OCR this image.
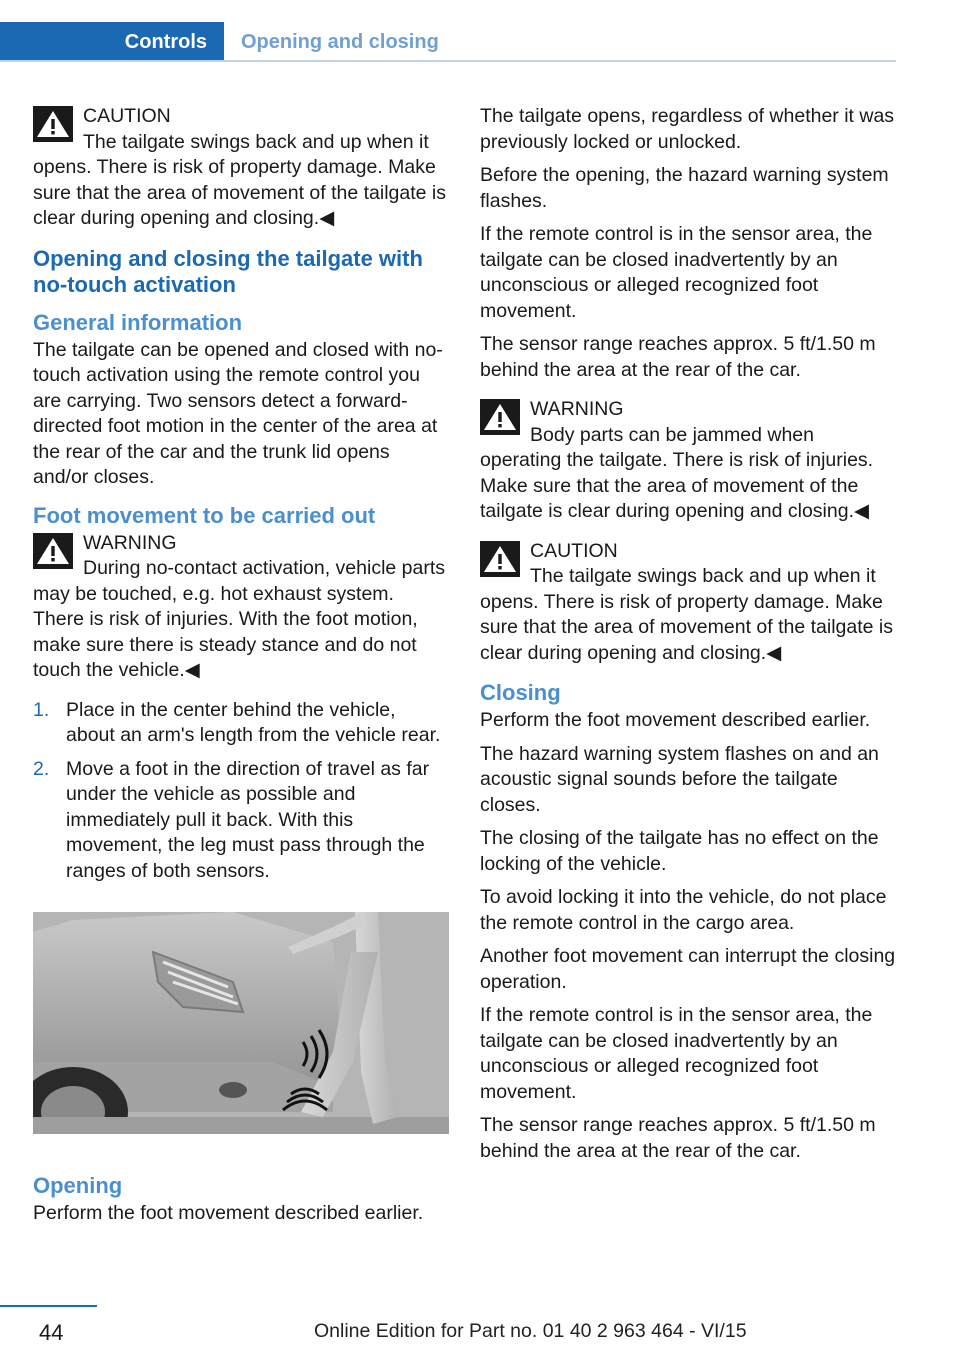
Controls	Opening and closing
CAUTION
The tailgate swings back and up when it opens. There is risk of property damage. Make sure that the area of movement of the tailgate is clear during opening and closing.◀
Opening and closing the tailgate with no-touch activation
General information

The tailgate can be opened and closed with no-touch activation using the remote control you are carrying. Two sensors detect a forward-directed foot motion in the center of the area at the rear of the car and the trunk lid opens and/or closes.

Foot movement to be carried out
WARNING
During no-contact activation, vehicle parts may be touched, e.g. hot exhaust system. There is risk of injuries. With the foot motion, make sure there is steady stance and do not touch the vehicle.◀
1. Place in the center behind the vehicle, about an arm's length from the vehicle rear.
2. Move a foot in the direction of travel as far under the vehicle as possible and immediately pull it back. With this movement, the leg must pass through the ranges of both sensors.
Opening

Perform the foot movement described earlier.

The tailgate opens, regardless of whether it was previously locked or unlocked.

Before the opening, the hazard warning system flashes.

If the remote control is in the sensor area, the tailgate can be closed inadvertently by an unconscious or alleged recognized foot movement.

The sensor range reaches approx. 5 ft/1.50 m behind the area at the rear of the car.

WARNING
Body parts can be jammed when operating the tailgate. There is risk of injuries. Make sure that the area of movement of the tailgate is clear during opening and closing.◀
CAUTION
The tailgate swings back and up when it opens. There is risk of property damage. Make sure that the area of movement of the tailgate is clear during opening and closing.◀
Closing

Perform the foot movement described earlier.

The hazard warning system flashes on and an acoustic signal sounds before the tailgate closes.

The closing of the tailgate has no effect on the locking of the vehicle.

To avoid locking it into the vehicle, do not place the remote control in the cargo area.

Another foot movement can interrupt the closing operation.

If the remote control is in the sensor area, the tailgate can be closed inadvertently by an unconscious or alleged recognized foot movement.

The sensor range reaches approx. 5 ft/1.50 m behind the area at the rear of the car.

44	Online Edition for Part no. 01 40 2 963 464 - VI/15
